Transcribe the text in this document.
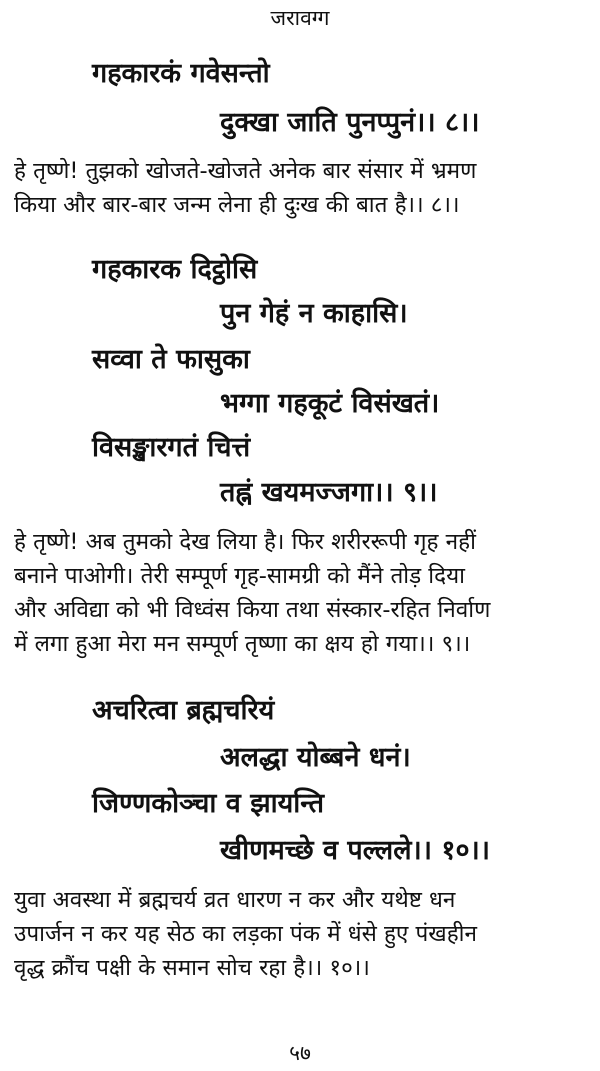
जरावग्ग
गहकारकं गवेसन्तो
दुक्खा जाति पुनप्पुनं।। ८।।
हे तृष्णे! तुझको खोजते-खोजते अनेक बार संसार में भ्रमण
किया और बार-बार जन्म लेना ही दुःख की बात है।। ८।।
गहकारक दिट्ठोसि
पुन गेहं न काहासि।
सव्वा ते फासुका
भग्गा गहकूटं विसंखतं।
विसङ्खारगतं चित्तं
तह्नं खयमज्जगा।। ९।।
हे तृष्णे! अब तुमको देख लिया है। फिर शरीररूपी गृह नहीं
बनाने पाओगी। तेरी सम्पूर्ण गृह-सामग्री को मैंने तोड़ दिया
और अविद्या को भी विध्वंस किया तथा संस्कार-रहित निर्वाण
में लगा हुआ मेरा मन सम्पूर्ण तृष्णा का क्षय हो गया।। ९।।
अचरित्वा ब्रह्मचरियं
अलद्धा योब्बने धनं।
जिण्णकोञ्चा व झायन्ति
खीणमच्छे व पल्लले।। १०।।
युवा अवस्था में ब्रह्मचर्य व्रत धारण न कर और यथेष्ट धन
उपार्जन न कर यह सेठ का लड़का पंक में धंसे हुए पंखहीन
वृद्ध क्रौंच पक्षी के समान सोच रहा है।। १०।।
५७
